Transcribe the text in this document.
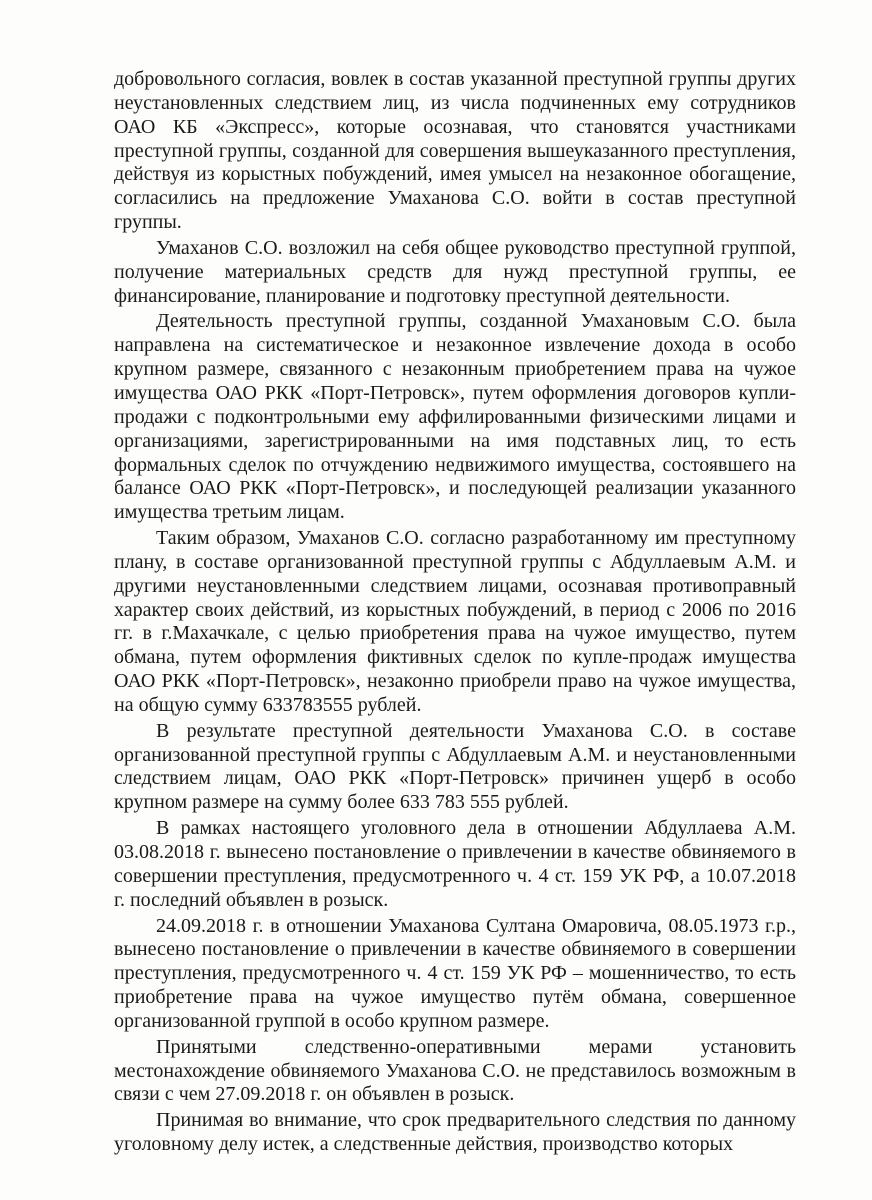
добровольного согласия, вовлек в состав указанной преступной группы других неустановленных следствием лиц, из числа подчиненных ему сотрудников ОАО КБ «Экспресс», которые осознавая, что становятся участниками преступной группы, созданной для совершения вышеуказанного преступления, действуя из корыстных побуждений, имея умысел на незаконное обогащение, согласились на предложение Умаханова С.О. войти в состав преступной группы.

Умаханов С.О. возложил на себя общее руководство преступной группой, получение материальных средств для нужд преступной группы, ее финансирование, планирование и подготовку преступной деятельности.

Деятельность преступной группы, созданной Умахановым С.О. была направлена на систематическое и незаконное извлечение дохода в особо крупном размере, связанного с незаконным приобретением права на чужое имущества ОАО РКК «Порт-Петровск», путем оформления договоров купли-продажи с подконтрольными ему аффилированными физическими лицами и организациями, зарегистрированными на имя подставных лиц, то есть формальных сделок по отчуждению недвижимого имущества, состоявшего на балансе ОАО РКК «Порт-Петровск», и последующей реализации указанного имущества третьим лицам.

Таким образом, Умаханов С.О. согласно разработанному им преступному плану, в составе организованной преступной группы с Абдуллаевым А.М. и другими неустановленными следствием лицами, осознавая противоправный характер своих действий, из корыстных побуждений, в период с 2006 по 2016 гг. в г.Махачкале, с целью приобретения права на чужое имущество, путем обмана, путем оформления фиктивных сделок по купле-продаж имущества ОАО РКК «Порт-Петровск», незаконно приобрели право на чужое имущества, на общую сумму 633783555 рублей.

В результате преступной деятельности Умаханова С.О. в составе организованной преступной группы с Абдуллаевым А.М. и неустановленными следствием лицам, ОАО РКК «Порт-Петровск» причинен ущерб в особо крупном размере на сумму более 633 783 555 рублей.

В рамках настоящего уголовного дела в отношении Абдуллаева А.М. 03.08.2018 г. вынесено постановление о привлечении в качестве обвиняемого в совершении преступления, предусмотренного ч. 4 ст. 159 УК РФ, а 10.07.2018 г. последний объявлен в розыск.

24.09.2018 г. в отношении Умаханова Султана Омаровича, 08.05.1973 г.р., вынесено постановление о привлечении в качестве обвиняемого в совершении преступления, предусмотренного ч. 4 ст. 159 УК РФ – мошенничество, то есть приобретение права на чужое имущество путём обмана, совершенное организованной группой в особо крупном размере.

Принятыми следственно-оперативными мерами установить местонахождение обвиняемого Умаханова С.О. не представилось возможным в связи с чем 27.09.2018 г. он объявлен в розыск.

Принимая во внимание, что срок предварительного следствия по данному уголовному делу истек, а следственные действия, производство которых
